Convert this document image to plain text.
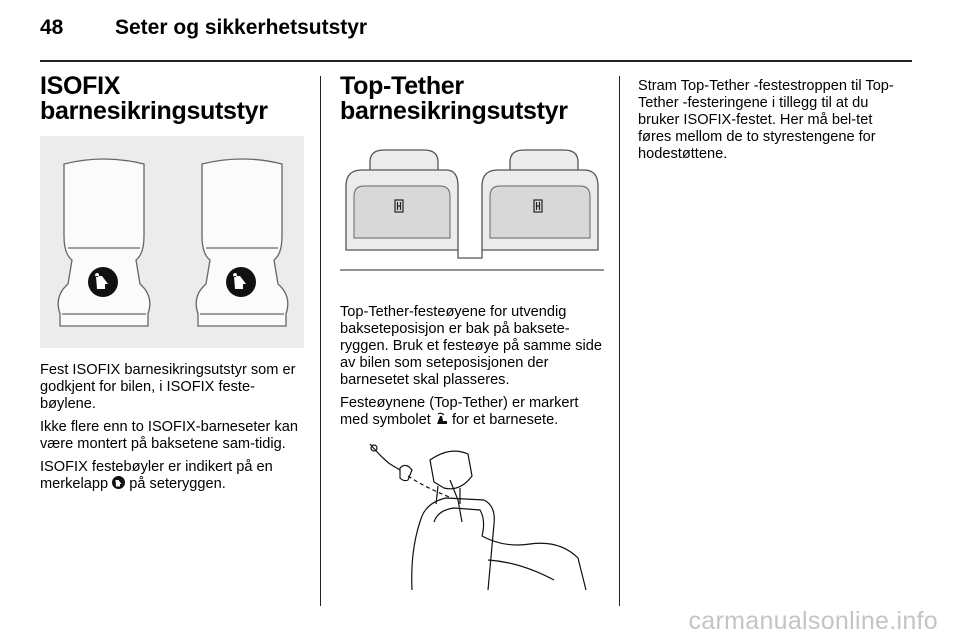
48 Seter og sikkerhetsutstyr
ISOFIX
barnesikringsutstyr

Fest ISOFIX barnesikringsutstyr som er godkjent for bilen, i ISOFIX feste-bøylene.

Ikke flere enn to ISOFIX-barneseter kan være montert på baksetene sam-tidig.

ISOFIX festebøyler er indikert på en merkelapp  på seteryggen.

Top-Tether
barnesikringsutstyr

Top-Tether-festeøyene for utvendig bakseteposisjon er bak på bakseteryggen. Bruk et festeøye på samme side av bilen som seteposisjonen der barnesetet skal plasseres.

Festeøynene (Top-Tether) er markert med symbolet  for et barnesete.

Stram Top-Tether -festestroppen til Top-Tether -festeringene i tillegg til at du bruker ISOFIX-festet. Her må bel-tet føres mellom de to styrestengene for hodestøttene.

carmanualsonline.info
